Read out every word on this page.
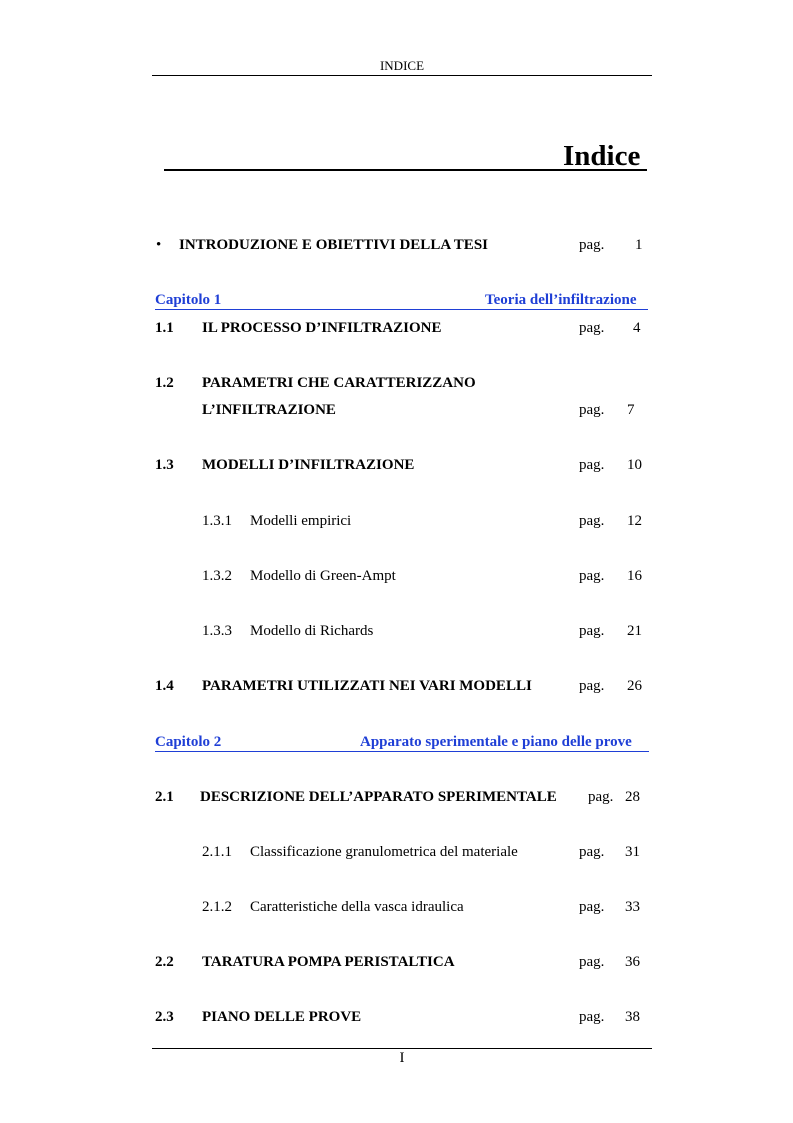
INDICE
Indice
• INTRODUZIONE E OBIETTIVI DELLA TESI	pag. 1
Capitolo 1	Teoria dell’infiltrazione
1.1 IL PROCESSO D’INFILTRAZIONE	pag. 4
1.2 PARAMETRI CHE CARATTERIZZANO
L’INFILTRAZIONE	pag. 7
1.3 MODELLI D’INFILTRAZIONE	pag. 10
1.3.1 Modelli empirici	pag. 12
1.3.2 Modello di Green-Ampt	pag. 16
1.3.3 Modello di Richards	pag. 21
1.4 PARAMETRI UTILIZZATI NEI VARI MODELLI	pag. 26
Capitolo 2	Apparato sperimentale e piano delle prove
2.1 DESCRIZIONE DELL’APPARATO SPERIMENTALE pag. 28
2.1.1 Classificazione granulometrica del materiale	pag. 31
2.1.2 Caratteristiche della vasca idraulica	pag. 33
2.2 TARATURA POMPA PERISTALTICA	pag. 36
2.3 PIANO DELLE PROVE	pag. 38
I
